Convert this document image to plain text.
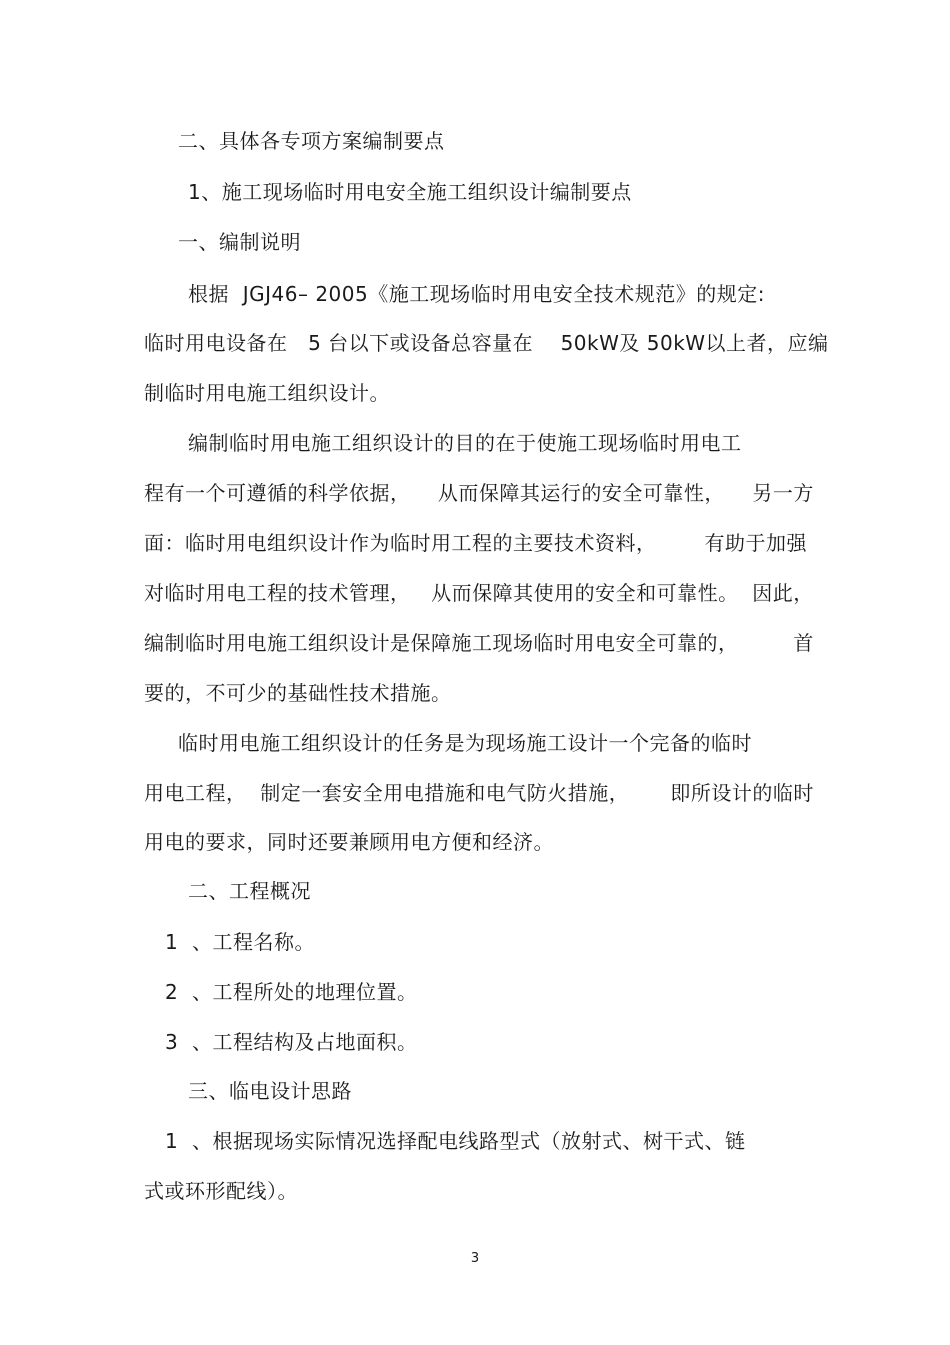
二、具体各专项方案编制要点
1、施工现场临时用电安全施工组织设计编制要点
一、编制说明
根据  JGJ46– 2005《施工现场临时用电安全技术规范》的规定:
临时用电设备在   5 台以下或设备总容量在    50kW及 50kW以上者，应编
制临时用电施工组织设计。
编制临时用电施工组织设计的目的在于使施工现场临时用电工
程有一个可遵循的科学依据，    从而保障其运行的安全可靠性，    另一方
面：临时用电组织设计作为临时用工程的主要技术资料，       有助于加强
对临时用电工程的技术管理，   从而保障其使用的安全和可靠性。  因此，
编制临时用电施工组织设计是保障施工现场临时用电安全可靠的，        首
要的，不可少的基础性技术措施。
临时用电施工组织设计的任务是为现场施工设计一个完备的临时
用电工程，  制定一套安全用电措施和电气防火措施，      即所设计的临时
用电的要求，同时还要兼顾用电方便和经济。
二、工程概况
1  、工程名称。
2  、工程所处的地理位置。
3  、工程结构及占地面积。
三、临电设计思路
1  、根据现场实际情况选择配电线路型式（放射式、树干式、链
式或环形配线）。
3
